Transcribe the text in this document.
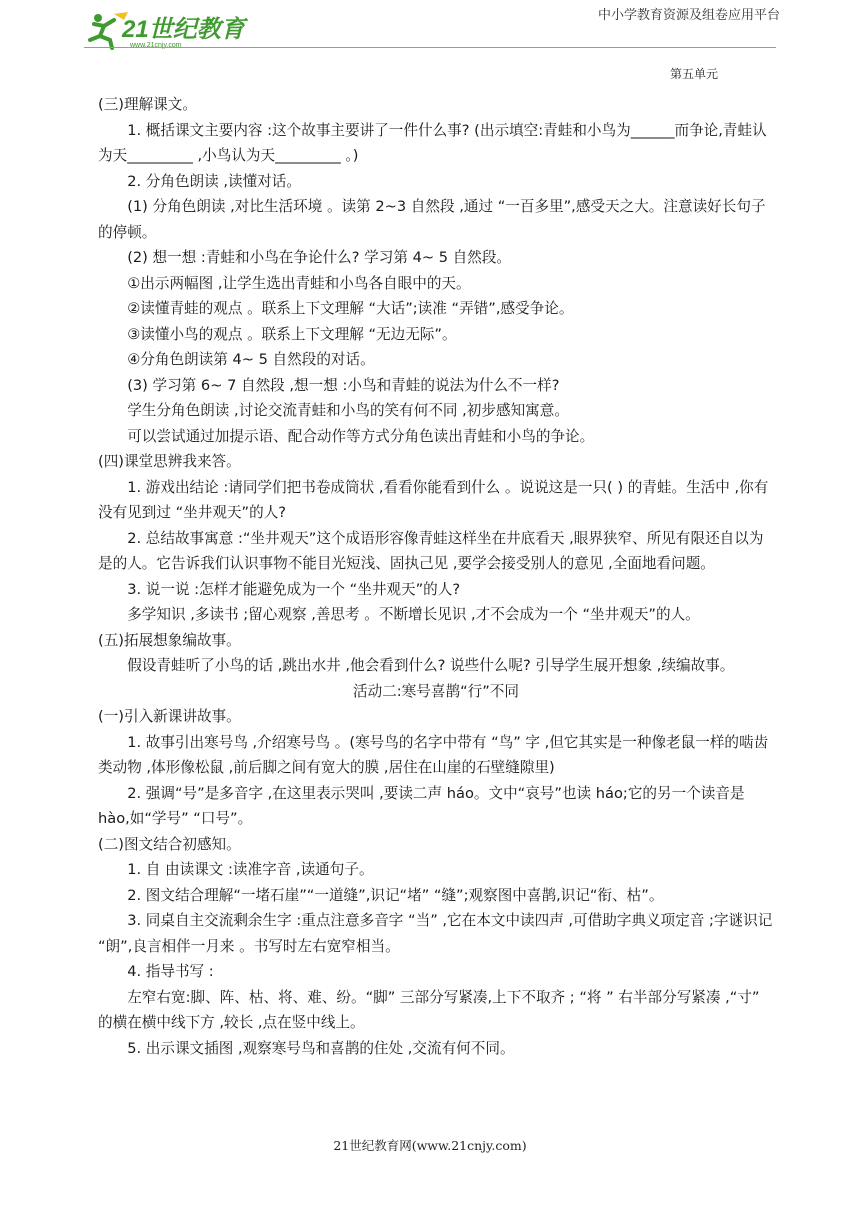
21世纪教育
www.21cnjy.com
中小学教育资源及组卷应用平台
第五单元

(三)理解课文。

1. 概括课文主要内容 :这个故事主要讲了一件什么事? (出示填空:青蛙和小鸟为______而争论,青蛙认为天_________ ,小鸟认为天_________ 。)

2. 分角色朗读 ,读懂对话。

(1) 分角色朗读 ,对比生活环境 。读第 2~3 自然段 ,通过 “一百多里”,感受天之大。注意读好长句子的停顿。

(2) 想一想 :青蛙和小鸟在争论什么? 学习第 4~ 5 自然段。

①出示两幅图 ,让学生选出青蛙和小鸟各自眼中的天。

②读懂青蛙的观点 。联系上下文理解 “大话”;读准 “弄错”,感受争论。

③读懂小鸟的观点 。联系上下文理解 “无边无际”。

④分角色朗读第 4~ 5 自然段的对话。

(3) 学习第 6~ 7 自然段 ,想一想 :小鸟和青蛙的说法为什么不一样?

学生分角色朗读 ,讨论交流青蛙和小鸟的笑有何不同 ,初步感知寓意。

可以尝试通过加提示语、配合动作等方式分角色读出青蛙和小鸟的争论。

(四)课堂思辨我来答。

1. 游戏出结论 :请同学们把书卷成筒状 ,看看你能看到什么 。说说这是一只( ) 的青蛙。生活中 ,你有没有见到过 “坐井观天”的人?

2. 总结故事寓意 :“坐井观天”这个成语形容像青蛙这样坐在井底看天 ,眼界狭窄、所见有限还自以为是的人。它告诉我们认识事物不能目光短浅、固执己见 ,要学会接受别人的意见 ,全面地看问题。

3. 说一说 :怎样才能避免成为一个 “坐井观天”的人?

多学知识 ,多读书 ;留心观察 ,善思考 。不断增长见识 ,才不会成为一个 “坐井观天”的人。

(五)拓展想象编故事。

假设青蛙听了小鸟的话 ,跳出水井 ,他会看到什么? 说些什么呢? 引导学生展开想象 ,续编故事。

活动二:寒号喜鹊“行”不同

(一)引入新课讲故事。

1. 故事引出寒号鸟 ,介绍寒号鸟 。(寒号鸟的名字中带有 “鸟” 字 ,但它其实是一种像老鼠一样的啮齿类动物 ,体形像松鼠 ,前后脚之间有宽大的膜 ,居住在山崖的石壁缝隙里)

2. 强调“号”是多音字 ,在这里表示哭叫 ,要读二声 háo。文中“哀号”也读 háo;它的另一个读音是 hào,如“学号” “口号”。

(二)图文结合初感知。

1. 自 由读课文 :读准字音 ,读通句子。

2. 图文结合理解“一堵石崖”“一道缝”,识记“堵” “缝”;观察图中喜鹊,识记“衔、枯”。

3. 同桌自主交流剩余生字 :重点注意多音字 “当” ,它在本文中读四声 ,可借助字典义项定音 ;字谜识记 “朗”,良言相伴一月来 。书写时左右宽窄相当。

4. 指导书写 :

左窄右宽:脚、阵、枯、将、难、纷。“脚” 三部分写紧凑,上下不取齐 ; “将 ” 右半部分写紧凑 ,“寸” 的横在横中线下方 ,较长 ,点在竖中线上。

5. 出示课文插图 ,观察寒号鸟和喜鹊的住处 ,交流有何不同。

21世纪教育网(www.21cnjy.com)
